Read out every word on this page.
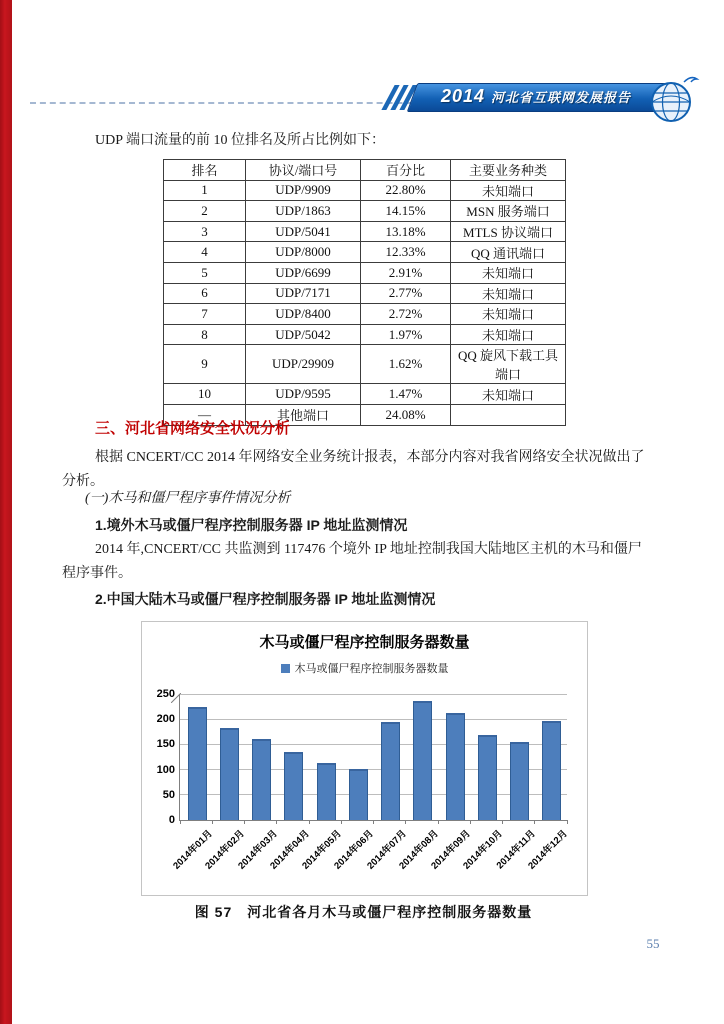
2014 河北省互联网发展报告
UDP 端口流量的前 10 位排名及所占比例如下：
排名	协议/端口号	百分比	主要业务种类
1	UDP/9909	22.80%	未知端口
2	UDP/1863	14.15%	MSN 服务端口
3	UDP/5041	13.18%	MTLS 协议端口
4	UDP/8000	12.33%	QQ 通讯端口
5	UDP/6699	2.91%	未知端口
6	UDP/7171	2.77%	未知端口
7	UDP/8400	2.72%	未知端口
8	UDP/5042	1.97%	未知端口
9	UDP/29909	1.62%	QQ 旋风下载工具端口
10	UDP/9595	1.47%	未知端口
—	其他端口	24.08%	
三、河北省网络安全状况分析
根据 CNCERT/CC 2014 年网络安全业务统计报表，本部分内容对我省网络安全状况做出了
分析。
(一)木马和僵尸程序事件情况分析
1.境外木马或僵尸程序控制服务器 IP 地址监测情况
2014 年,CNCERT/CC 共监测到 117476 个境外 IP 地址控制我国大陆地区主机的木马和僵尸
程序事件。
2.中国大陆木马或僵尸程序控制服务器 IP 地址监测情况
木马或僵尸程序控制服务器数量
木马或僵尸程序控制服务器数量
0
50
100
150
200
250
2014年01月
2014年02月
2014年03月
2014年04月
2014年05月
2014年06月
2014年07月
2014年08月
2014年09月
2014年10月
2014年11月
2014年12月
图 57　河北省各月木马或僵尸程序控制服务器数量
55
